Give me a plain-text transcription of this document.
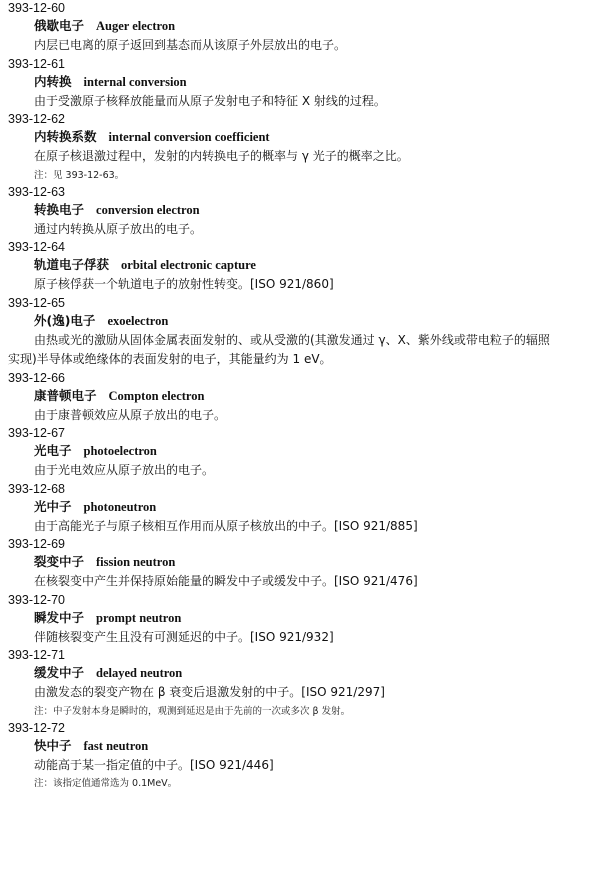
393-12-60
俄歇电子 Auger electron
内层已电离的原子返回到基态而从该原子外层放出的电子。
393-12-61
内转换 internal conversion
由于受激原子核释放能量而从原子发射电子和特征 X 射线的过程。
393-12-62
内转换系数 internal conversion coefficient
在原子核退激过程中，发射的内转换电子的概率与 γ 光子的概率之比。
注：见 393-12-63。
393-12-63
转换电子 conversion electron
通过内转换从原子放出的电子。
393-12-64
轨道电子俘获 orbital electronic capture
原子核俘获一个轨道电子的放射性转变。[ISO 921/860]
393-12-65
外(逸)电子 exoelectron
由热或光的激励从固体金属表面发射的、或从受激的(其激发通过 γ、X、紫外线或带电粒子的辐照
实现)半导体或绝缘体的表面发射的电子，其能量约为 1 eV。
393-12-66
康普顿电子 Compton electron
由于康普顿效应从原子放出的电子。
393-12-67
光电子 photoelectron
由于光电效应从原子放出的电子。
393-12-68
光中子 photoneutron
由于高能光子与原子核相互作用而从原子核放出的中子。[ISO 921/885]
393-12-69
裂变中子 fission neutron
在核裂变中产生并保持原始能量的瞬发中子或缓发中子。[ISO 921/476]
393-12-70
瞬发中子 prompt neutron
伴随核裂变产生且没有可测延迟的中子。[ISO 921/932]
393-12-71
缓发中子 delayed neutron
由激发态的裂变产物在 β 衰变后退激发射的中子。[ISO 921/297]
注：中子发射本身是瞬时的，观测到延迟是由于先前的一次或多次 β 发射。
393-12-72
快中子 fast neutron
动能高于某一指定值的中子。[ISO 921/446]
注：该指定值通常选为 0.1MeV。
